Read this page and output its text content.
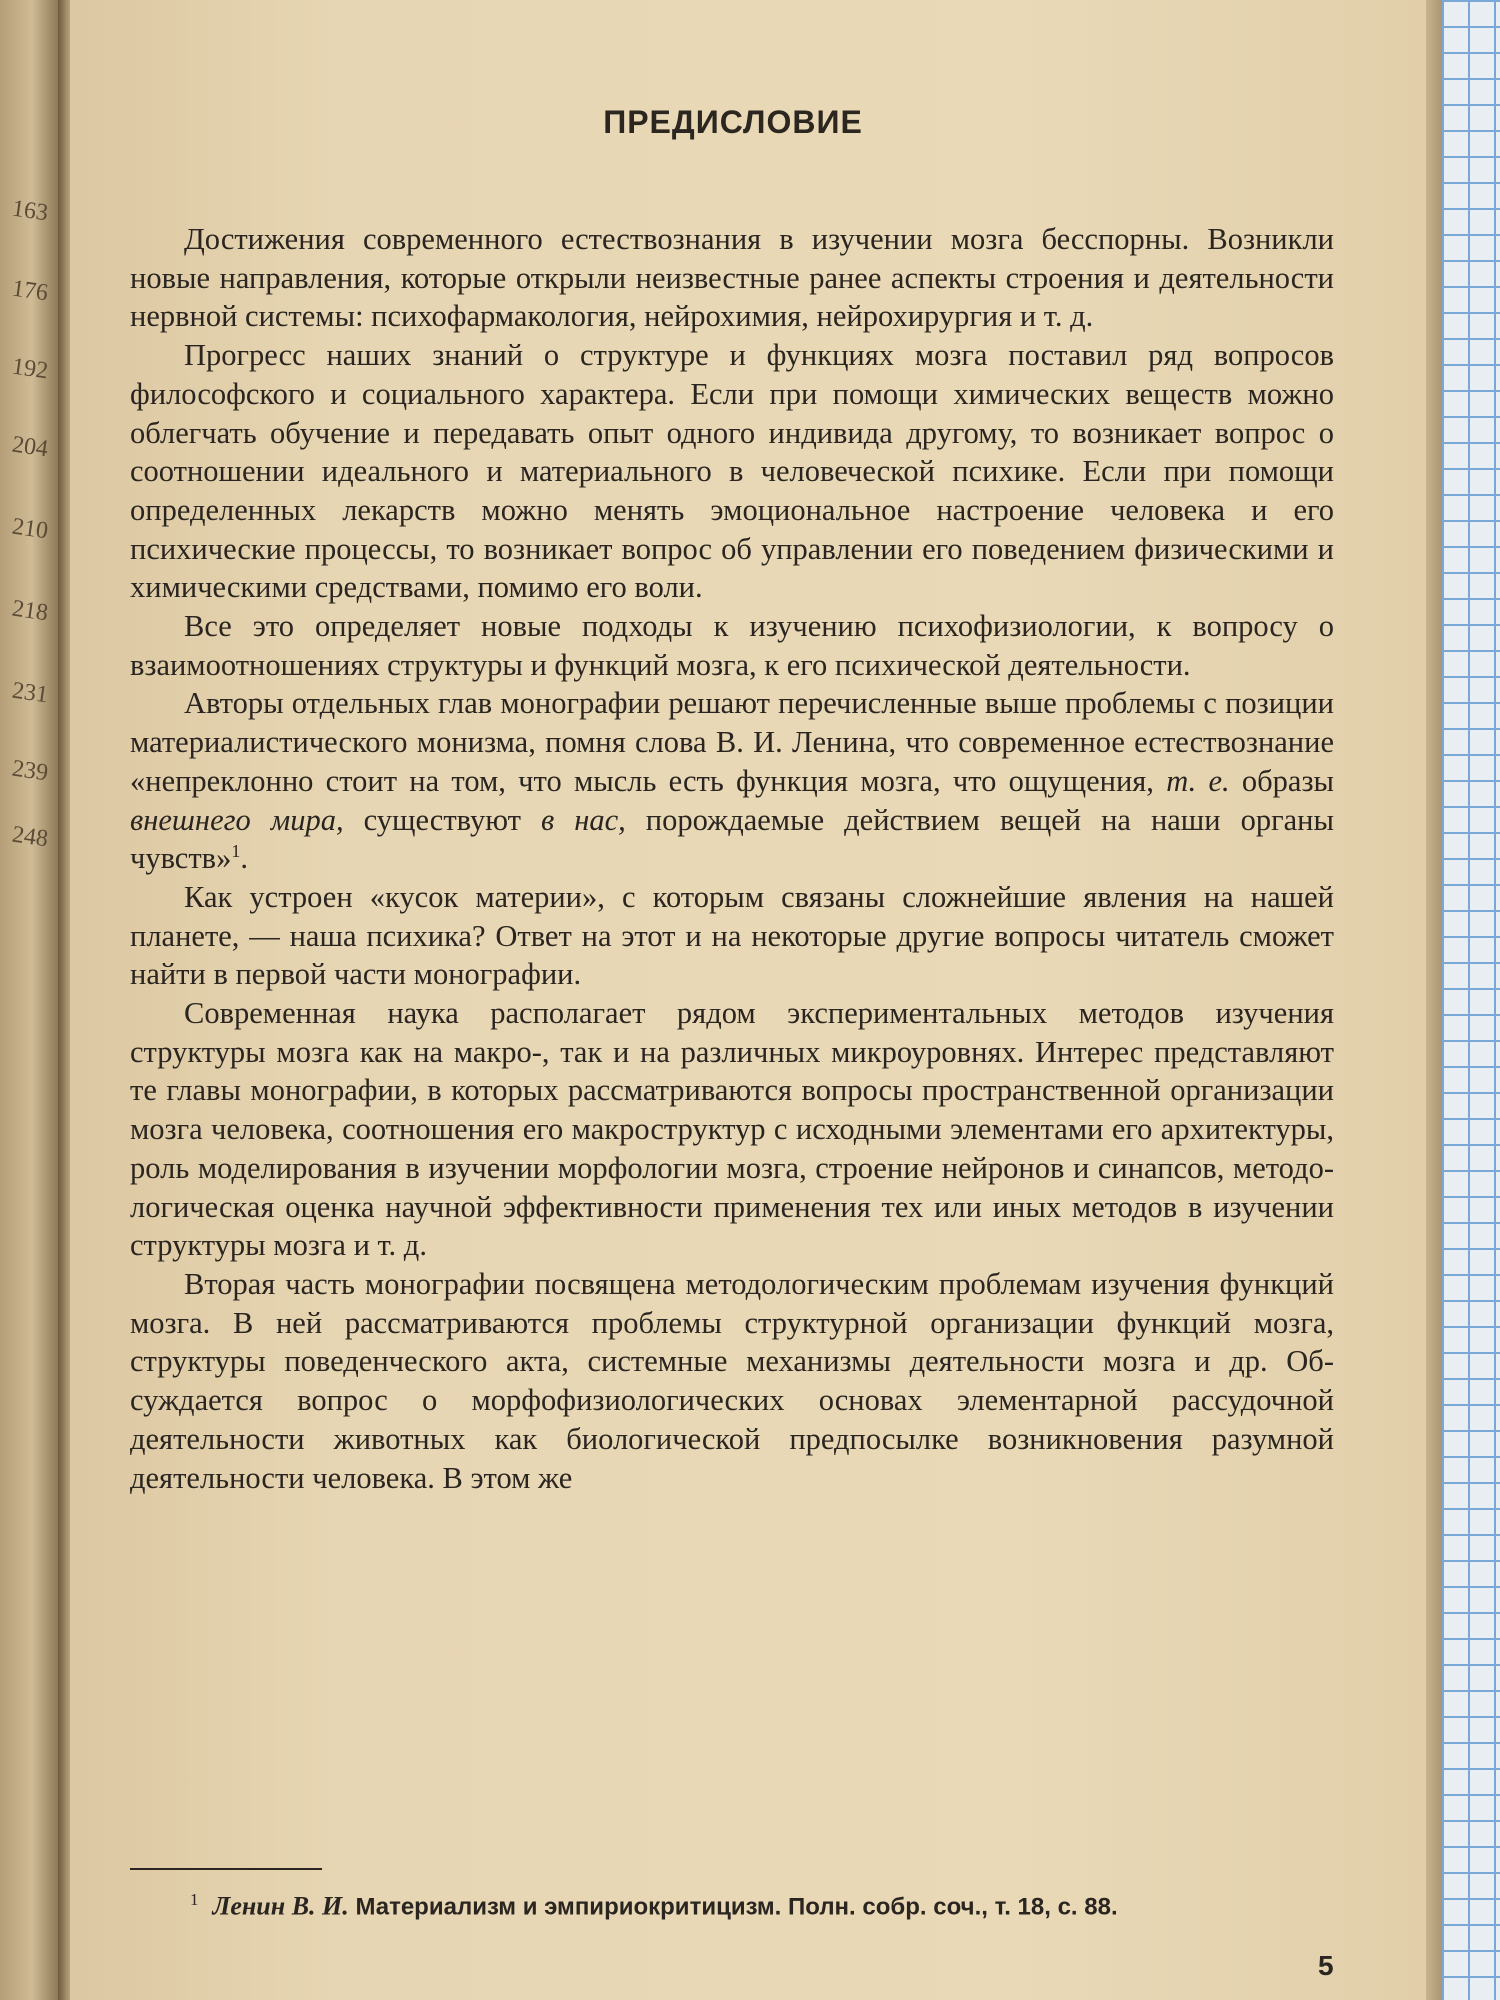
163
176
192
204
210
218
231
239
248
ПРЕДИСЛОВИЕ

Достижения современного естествознания в изучении мозга бесспорны. Возникли новые направления, которые открыли неизвестные ранее аспекты строения и деятельности нервной системы: психофармакология, нейрохимия, нейрохирургия и т. д.

Прогресс наших знаний о структуре и функциях мозга поставил ряд вопросов философского и социального характера. Если при помощи химических веществ можно облегчать обучение и передавать опыт одного индивида другому, то возникает вопрос о соотношении идеального и материального в человеческой психике. Если при помощи определенных лекарств можно менять эмоциональное настроение человека и его психические процессы, то возникает вопрос об управлении его поведением физическими и химическими средствами, помимо его воли.

Все это определяет новые подходы к изучению психофизиологии, к вопросу о взаимоотношениях структуры и функций мозга, к его психической деятельности.

Авторы отдельных глав монографии решают перечисленные выше проблемы с позиции материалистического монизма, помня слова В. И. Ленина, что современное естествознание «непреклонно стоит на том, что мысль есть функция мозга, что ощущения, т. е. образы внешнего мира, существуют в нас, порождаемые действием вещей на наши органы чувств»$^1$.

Как устроен «кусок материи», с которым связаны сложнейшие явления на нашей планете, — наша психика? Ответ на этот и на некоторые другие вопросы читатель сможет найти в первой части монографии.

Современная наука располагает рядом экспериментальных методов изучения структуры мозга как на макро-, так и на различных микроуровнях. Интерес представляют те главы монографии, в которых рассматриваются вопросы пространственной организации мозга человека, соотношения его макроструктур с исходными элементами его архитектуры, роль моделирования в изучении морфологии мозга, строение нейронов и синапсов, методологическая оценка научной эффективности применения тех или иных методов в изучении структуры мозга и т. д.

Вторая часть монографии посвящена методологическим проблемам изучения функций мозга. В ней рассматриваются проблемы структурной организации функций мозга, структуры поведенческого акта, системные механизмы деятельности мозга и др. Обсуждается вопрос о морфофизиологических основах элементарной рассудочной деятельности животных как биологической предпосылке возникновения разумной деятельности человека. В этом же

$^1$ Ленин В. И. Материализм и эмпириокритицизм. Полн. собр. соч., т. 18, с. 88.
5
